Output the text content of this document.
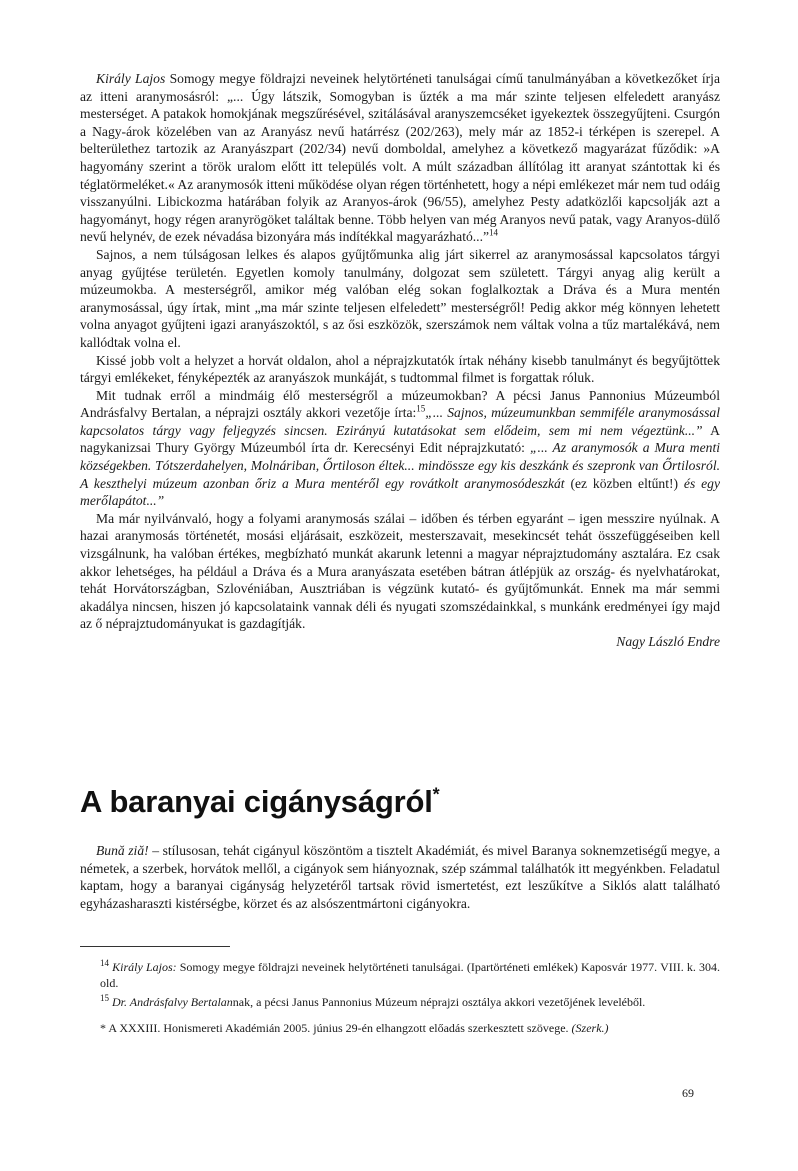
Király Lajos Somogy megye földrajzi neveinek helytörténeti tanulságai című tanulmányában a következőket írja az itteni aranymosásról: „... Úgy látszik, Somogyban is űzték a ma már szinte teljesen elfeledett aranyász mesterséget. A patakok homokjának megszűrésével, szitálásával aranyszemcséket igyekeztek összegyűjteni. Csurgón a Nagy-árok közelében van az Aranyász nevű határrész (202/263), mely már az 1852-i térképen is szerepel. A belterülethez tartozik az Aranyászpart (202/34) nevű domboldal, amelyhez a következő magyarázat fűződik: »A hagyomány szerint a török uralom előtt itt település volt. A múlt században állítólag itt aranyat szántottak ki és téglatörmeléket.« Az aranymosók itteni működése olyan régen történhetett, hogy a népi emlékezet már nem tud odáig visszanyúlni. Libickozma határában folyik az Aranyos-árok (96/55), amelyhez Pesty adatközlői kapcsolják azt a hagyományt, hogy régen aranyrögöket találtak benne. Több helyen van még Aranyos nevű patak, vagy Aranyos-dülő nevű helynév, de ezek névadása bizonyára más indítékkal magyarázható...”$^{14}$

Sajnos, a nem túlságosan lelkes és alapos gyűjtőmunka alig járt sikerrel az aranymosással kapcsolatos tárgyi anyag gyűjtése területén. Egyetlen komoly tanulmány, dolgozat sem született. Tárgyi anyag alig került a múzeumokba. A mesterségről, amikor még valóban elég sokan foglalkoztak a Dráva és a Mura mentén aranymosással, úgy írtak, mint „ma már szinte teljesen elfeledett” mesterségről! Pedig akkor még könnyen lehetett volna anyagot gyűjteni igazi aranyászoktól, s az ősi eszközök, szerszámok nem váltak volna a tűz martalékává, nem kallódtak volna el.

Kissé jobb volt a helyzet a horvát oldalon, ahol a néprajzkutatók írtak néhány kisebb tanulmányt és begyűjtöttek tárgyi emlékeket, fényképezték az aranyászok munkáját, s tudtommal filmet is forgattak róluk.

Mit tudnak erről a mindmáig élő mesterségről a múzeumokban? A pécsi Janus Pannonius Múzeumból Andrásfalvy Bertalan, a néprajzi osztály akkori vezetője írta:$^{15}$„... Sajnos, múzeumunkban semmiféle aranymosással kapcsolatos tárgy vagy feljegyzés sincsen. Ezirányú kutatásokat sem elődeim, sem mi nem végeztünk...” A nagykanizsai Thury György Múzeumból írta dr. Kerecsényi Edit néprajzkutató: „... Az aranymosók a Mura menti községekben. Tótszerdahelyen, Molnáriban, Őrtiloson éltek... mindössze egy kis deszkánk és szepronk van Őrtilosról. A keszthelyi múzeum azonban őriz a Mura mentéről egy rovátkolt aranymosódeszkát (ez közben eltűnt!) és egy merőlapátot...”

Ma már nyilvánvaló, hogy a folyami aranymosás szálai – időben és térben egyaránt – igen messzire nyúlnak. A hazai aranymosás történetét, mosási eljárásait, eszközeit, mesterszavait, mesekincsét tehát összefüggéseiben kell vizsgálnunk, ha valóban értékes, megbízható munkát akarunk letenni a magyar néprajztudomány asztalára. Ez csak akkor lehetséges, ha például a Dráva és a Mura aranyászata esetében bátran átlépjük az ország- és nyelvhatárokat, tehát Horvátországban, Szlovéniában, Ausztriában is végzünk kutató- és gyűjtőmunkát. Ennek ma már semmi akadálya nincsen, hiszen jó kapcsolataink vannak déli és nyugati szomszédainkkal, s munkánk eredményei így majd az ő néprajztudományukat is gazdagítják.

Nagy László Endre

A baranyai cigányságról*

Bună ziă! – stílusosan, tehát cigányul köszöntöm a tisztelt Akadémiát, és mivel Baranya soknemzetiségű megye, a németek, a szerbek, horvátok mellől, a cigányok sem hiányoznak, szép számmal találhatók itt megyénkben. Feladatul kaptam, hogy a baranyai cigányság helyzetéről tartsak rövid ismertetést, ezt leszűkítve a Siklós alatt található egyházasharaszti kistérségbe, körzet és az alsószentmártoni cigányokra.

$^{14}$ Király Lajos: Somogy megye földrajzi neveinek helytörténeti tanulságai. (Ipartörténeti emlékek) Kaposvár 1977. VIII. k. 304. old.

$^{15}$ Dr. Andrásfalvy Bertalannak, a pécsi Janus Pannonius Múzeum néprajzi osztálya akkori vezetőjének leveléből.

* A XXXIII. Honismereti Akadémián 2005. június 29-én elhangzott előadás szerkesztett szövege. (Szerk.)

69
